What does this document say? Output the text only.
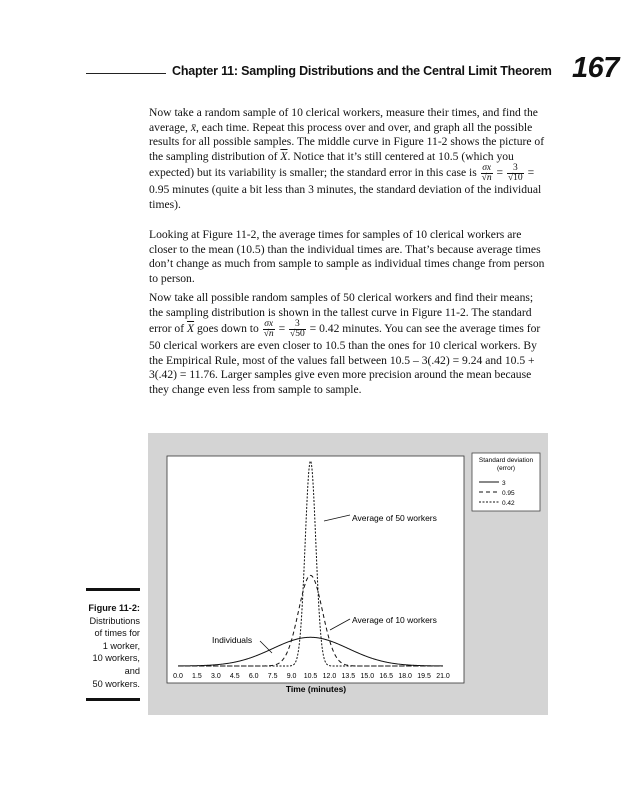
Chapter 11: Sampling Distributions and the Central Limit Theorem 167

Now take a random sample of 10 clerical workers, measure their times, and find the average, x̄, each time. Repeat this process over and over, and graph all the possible results for all possible samples. The middle curve in Figure 11-2 shows the picture of the sampling distribution of $\overline{X}$. Notice that it’s still centered at 10.5 (which you expected) but its variability is smaller; the standard error in this case is $\frac{\sigma x}{√n} = \frac{3}{√10} = 0.95$ minutes (quite a bit less than 3 minutes, the standard deviation of the individual times).

Looking at Figure 11-2, the average times for samples of 10 clerical workers are closer to the mean (10.5) than the individual times are. That’s because average times don’t change as much from sample to sample as individual times change from person to person.

Now take all possible random samples of 50 clerical workers and find their means; the sampling distribution is shown in the tallest curve in Figure 11-2. The standard error of $\overline{X}$ goes down to $\frac{\sigma x}{√n} = \frac{3}{√50} = 0.42$ minutes. You can see the average times for 50 clerical workers are even closer to 10.5 than the ones for 10 clerical workers. By the Empirical Rule, most of the values fall between 10.5 – 3(.42) = 9.24 and 10.5 + 3(.42) = 11.76. Larger samples give even more precision around the mean because they change even less from sample to sample.

0.0 1.5 3.0 4.5 6.0 7.5 9.0 10.5 12.0 13.5 15.0 16.5 18.0 19.5 21.0
Time (minutes)
Average of 50 workers
Average of 10 workers
Individuals
Standard deviation
(error)
3
0.95
0.42
Figure 11-2:
Distributions
of times for
1 worker,
10 workers,
and
50 workers.
